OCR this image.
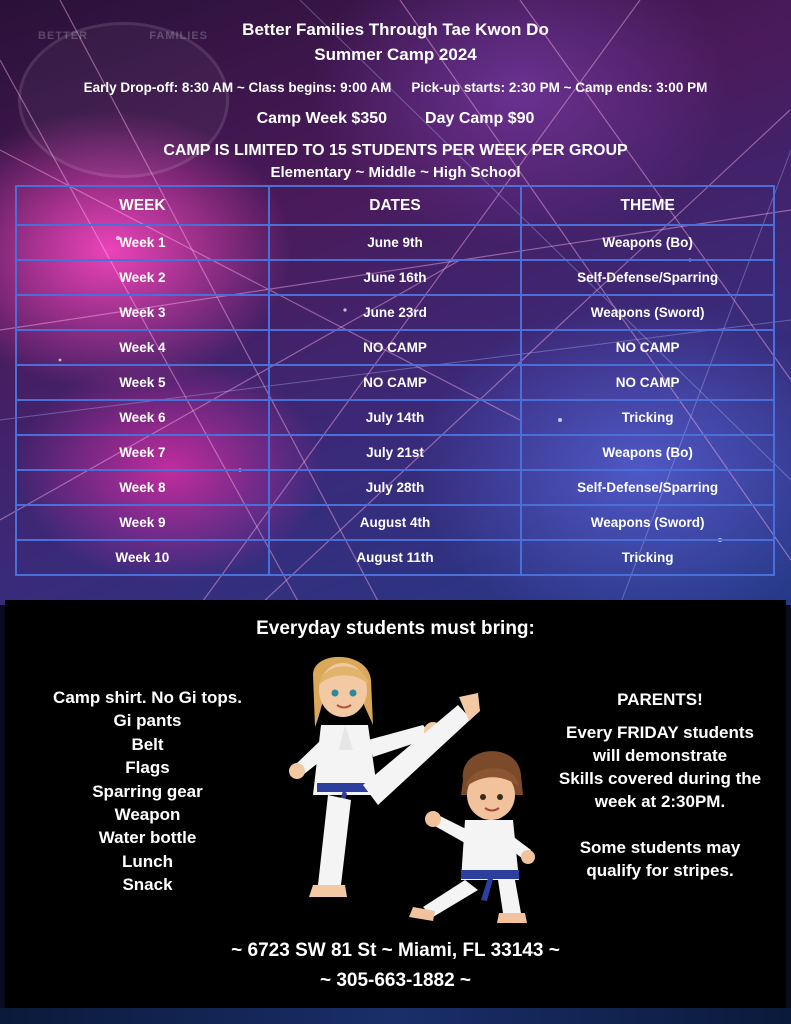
BETTER	FAMILIES	Better Families Through Tae Kwon Do
Summer Camp 2024
Early Drop-off: 8:30 AM ~ Class begins: 9:00 AM Pick-up starts: 2:30 PM ~ Camp ends: 3:00 PM
Camp Week $350 Day Camp $90
CAMP IS LIMITED TO 15 STUDENTS PER WEEK PER GROUP
Elementary ~ Middle ~ High School
WEEK	DATES	THEME
Week 1	June 9th	Weapons (Bo)
Week 2	June 16th	Self-Defense/Sparring
Week 3	June 23rd	Weapons (Sword)
Week 4	NO CAMP	NO CAMP
Week 5	NO CAMP	NO CAMP
Week 6	July 14th	Tricking
Week 7	July 21st	Weapons (Bo)
Week 8	July 28th	Self-Defense/Sparring
Week 9	August 4th	Weapons (Sword)
Week 10	August 11th	Tricking
Everyday students must bring:
Camp shirt. No Gi tops.
Gi pants
Belt
Flags
Sparring gear
Weapon
Water bottle
Lunch
Snack
PARENTS!
Every FRIDAY students
will demonstrate
Skills covered during the
week at 2:30PM.
Some students may
qualify for stripes.
~ 6723 SW 81 St ~ Miami, FL 33143 ~
~ 305-663-1882 ~
